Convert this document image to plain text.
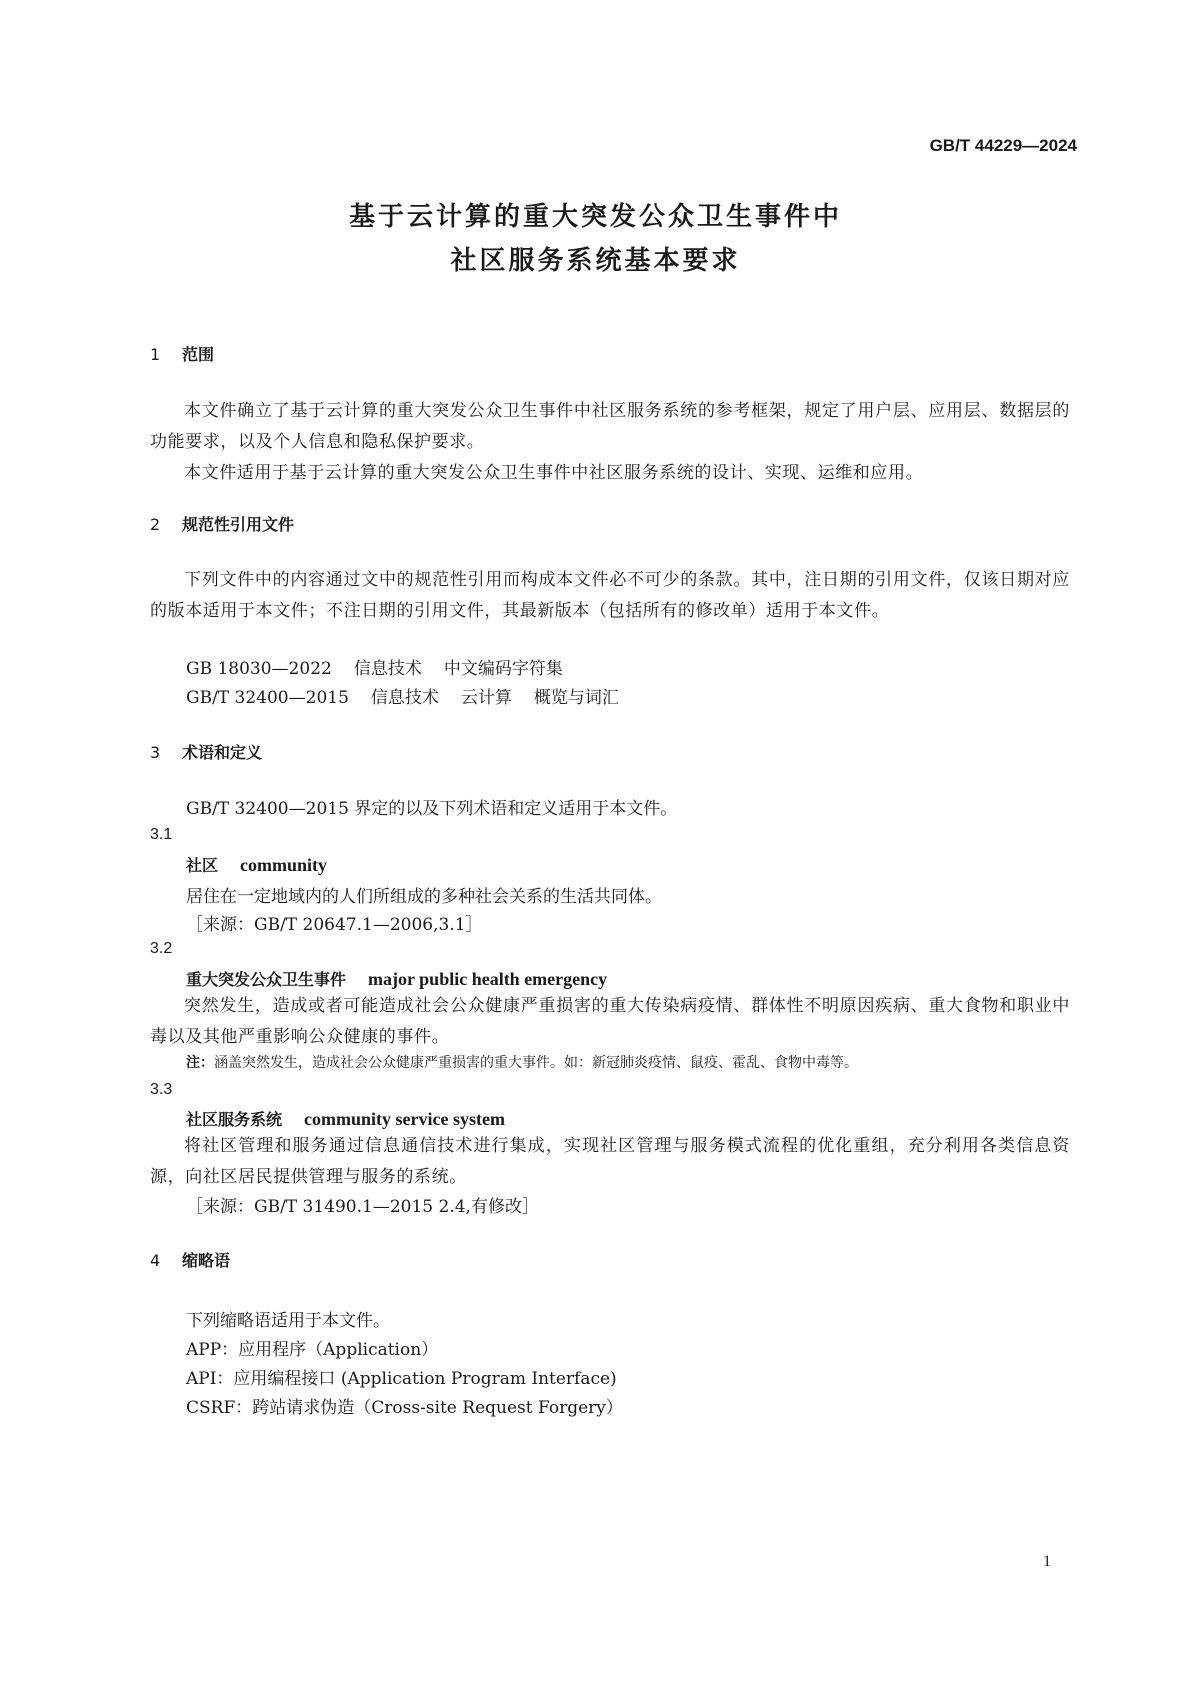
GB/T 44229—2024
基于云计算的重大突发公众卫生事件中
社区服务系统基本要求
1 范围

本文件确立了基于云计算的重大突发公众卫生事件中社区服务系统的参考框架，规定了用户层、应用层、数据层的功能要求，以及个人信息和隐私保护要求。

本文件适用于基于云计算的重大突发公众卫生事件中社区服务系统的设计、实现、运维和应用。

2 规范性引用文件

下列文件中的内容通过文中的规范性引用而构成本文件必不可少的条款。其中，注日期的引用文件，仅该日期对应的版本适用于本文件；不注日期的引用文件，其最新版本（包括所有的修改单）适用于本文件。

GB 18030—2022 信息技术 中文编码字符集
GB/T 32400—2015 信息技术 云计算 概览与词汇
3 术语和定义
GB/T 32400—2015 界定的以及下列术语和定义适用于本文件。
3.1
社区 community
居住在一定地域内的人们所组成的多种社会关系的生活共同体。
［来源：GB/T 20647.1—2006,3.1］
3.2
重大突发公众卫生事件 major public health emergency

突然发生，造成或者可能造成社会公众健康严重损害的重大传染病疫情、群体性不明原因疾病、重大食物和职业中毒以及其他严重影响公众健康的事件。

注：涵盖突然发生，造成社会公众健康严重损害的重大事件。如：新冠肺炎疫情、鼠疫、霍乱、食物中毒等。
3.3
社区服务系统 community service system

将社区管理和服务通过信息通信技术进行集成，实现社区管理与服务模式流程的优化重组，充分利用各类信息资源，向社区居民提供管理与服务的系统。

［来源：GB/T 31490.1—2015 2.4,有修改］
4 缩略语
下列缩略语适用于本文件。
APP：应用程序（Application）
API：应用编程接口 (Application Program Interface)
CSRF：跨站请求伪造（Cross-site Request Forgery）
1
